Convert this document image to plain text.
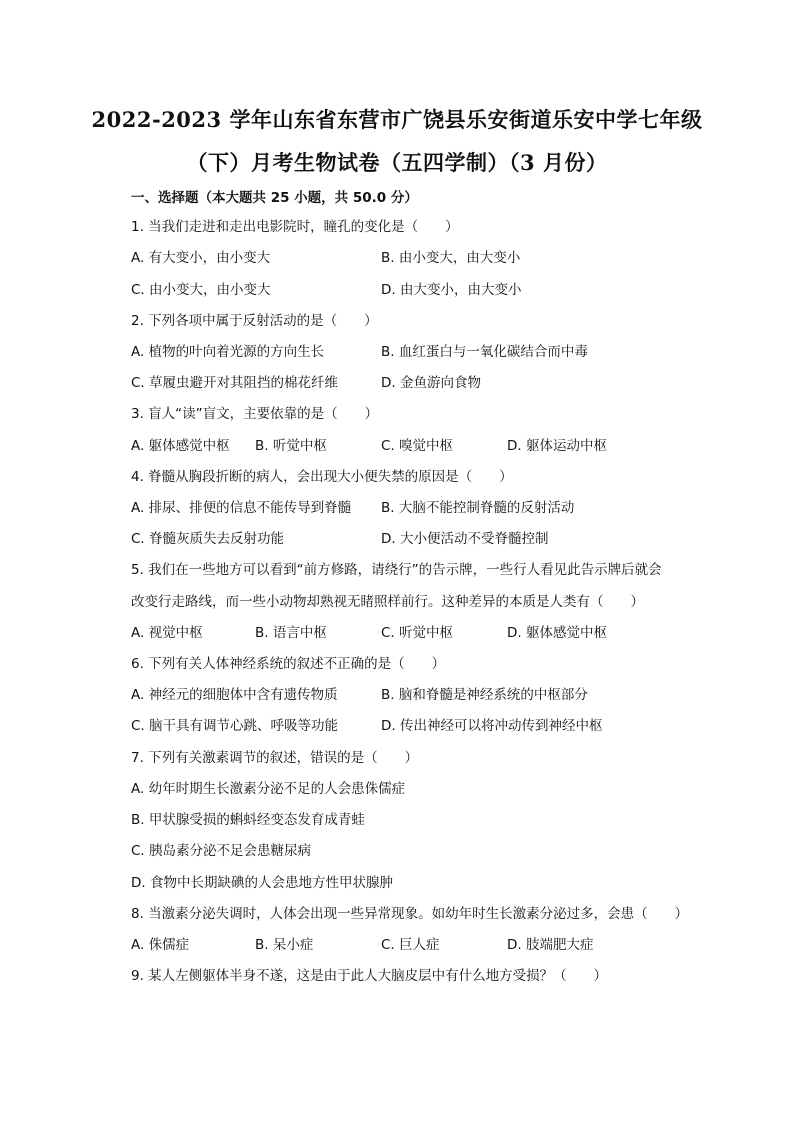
2022-2023 学年山东省东营市广饶县乐安街道乐安中学七年级
（下）月考生物试卷（五四学制）（3 月份）
一、选择题（本大题共 25 小题，共 50.0 分）
1. 当我们走进和走出电影院时，瞳孔的变化是（　　）
A. 有大变小，由小变大	B. 由小变大，由大变小
C. 由小变大，由小变大	D. 由大变小，由大变小
2. 下列各项中属于反射活动的是（　　）
A. 植物的叶向着光源的方向生长	B. 血红蛋白与一氧化碳结合而中毒
C. 草履虫避开对其阻挡的棉花纤维	D. 金鱼游向食物
3. 盲人“读”盲文，主要依靠的是（　　）
A. 躯体感觉中枢 B. 听觉中枢	C. 嗅觉中枢	D. 躯体运动中枢
4. 脊髓从胸段折断的病人，会出现大小便失禁的原因是（　　）
A. 排尿、排便的信息不能传导到脊髓 B. 大脑不能控制脊髓的反射活动
C. 脊髓灰质失去反射功能	D. 大小便活动不受脊髓控制
5. 我们在一些地方可以看到“前方修路，请绕行”的告示牌，一些行人看见此告示牌后就会
改变行走路线，而一些小动物却熟视无睹照样前行。这种差异的本质是人类有（　　）
A. 视觉中枢	B. 语言中枢	C. 听觉中枢	D. 躯体感觉中枢
6. 下列有关人体神经系统的叙述不正确的是（　　）
A. 神经元的细胞体中含有遗传物质	B. 脑和脊髓是神经系统的中枢部分
C. 脑干具有调节心跳、呼吸等功能	D. 传出神经可以将冲动传到神经中枢
7. 下列有关激素调节的叙述，错误的是（　　）
A. 幼年时期生长激素分泌不足的人会患侏儒症
B. 甲状腺受损的蝌蚪经变态发育成青蛙
C. 胰岛素分泌不足会患糖尿病
D. 食物中长期缺碘的人会患地方性甲状腺肿
8. 当激素分泌失调时，人体会出现一些异常现象。如幼年时生长激素分泌过多，会患（　　）
A. 侏儒症	B. 呆小症	C. 巨人症	D. 肢端肥大症
9. 某人左侧躯体半身不遂，这是由于此人大脑皮层中有什么地方受损？（　　）
